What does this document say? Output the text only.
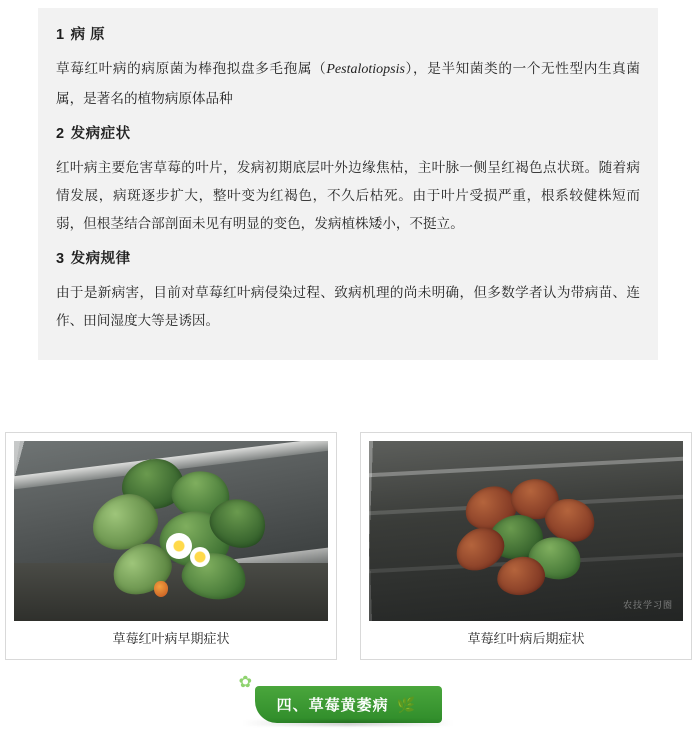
1 病 原

草莓红叶病的病原菌为棒孢拟盘多毛孢属（Pestalotiopsis），是半知菌类的一个无性型内生真菌属，是著名的植物病原体品种

2 发病症状

红叶病主要危害草莓的叶片，发病初期底层叶外边缘焦枯，主叶脉一侧呈红褐色点状斑。随着病情发展，病斑逐步扩大，整叶变为红褐色，不久后枯死。由于叶片受损严重，根系较健株短而弱，但根茎结合部剖面未见有明显的变色，发病植株矮小，不挺立。

3 发病规律

由于是新病害，目前对草莓红叶病侵染过程、致病机理的尚未明确，但多数学者认为带病苗、连作、田间湿度大等是诱因。

草莓红叶病早期症状
农技学习圈
草莓红叶病后期症状
✿
四、草莓黄萎病 🌿
